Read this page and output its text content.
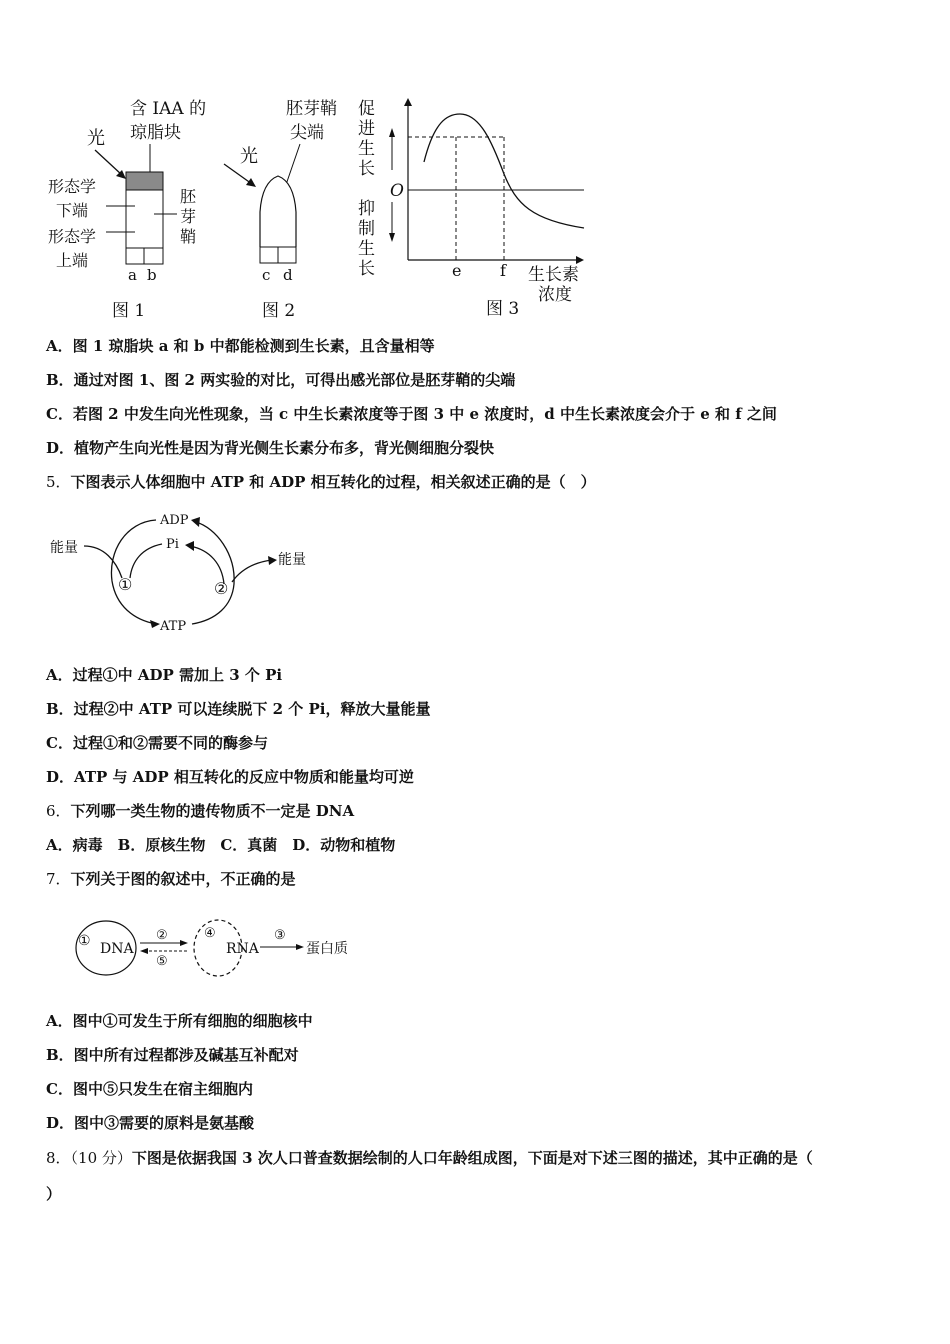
光
含 IAA 的
琼脂块
a b
形态学
下端
形态学
上端
胚
芽
鞘
图 1
胚芽鞘
尖端
光
c d
图 2
促
进
生
长
O
抑
制
生
长	e f 生长素
浓度
图 3
A．图 1 琼脂块 a 和 b 中都能检测到生长素，且含量相等
B．通过对图 1、图 2 两实验的对比，可得出感光部位是胚芽鞘的尖端
C．若图 2 中发生向光性现象，当 c 中生长素浓度等于图 3 中 e 浓度时，d 中生长素浓度会介于 e 和 f 之间
D．植物产生向光性是因为背光侧生长素分布多，背光侧细胞分裂快
5．下图表示人体细胞中 ATP 和 ADP 相互转化的过程，相关叙述正确的是（　）
ADP
Pi
ATP
能量
能量
①	②
A．过程①中 ADP 需加上 3 个 Pi
B．过程②中 ATP 可以连续脱下 2 个 Pi，释放大量能量
C．过程①和②需要不同的酶参与
D．ATP 与 ADP 相互转化的反应中物质和能量均可逆
6．下列哪一类生物的遗传物质不一定是 DNA
A．病毒　B．原核生物　C．真菌　D．动物和植物
7．下列关于图的叙述中，不正确的是
① DNA
②
⑤
④
RNA
③
蛋白质
A．图中①可发生于所有细胞的细胞核中
B．图中所有过程都涉及碱基互补配对
C．图中⑤只发生在宿主细胞内
D．图中③需要的原料是氨基酸
8．（10 分）下图是依据我国 3 次人口普查数据绘制的人口年龄组成图，下面是对下述三图的描述，其中正确的是（
）
